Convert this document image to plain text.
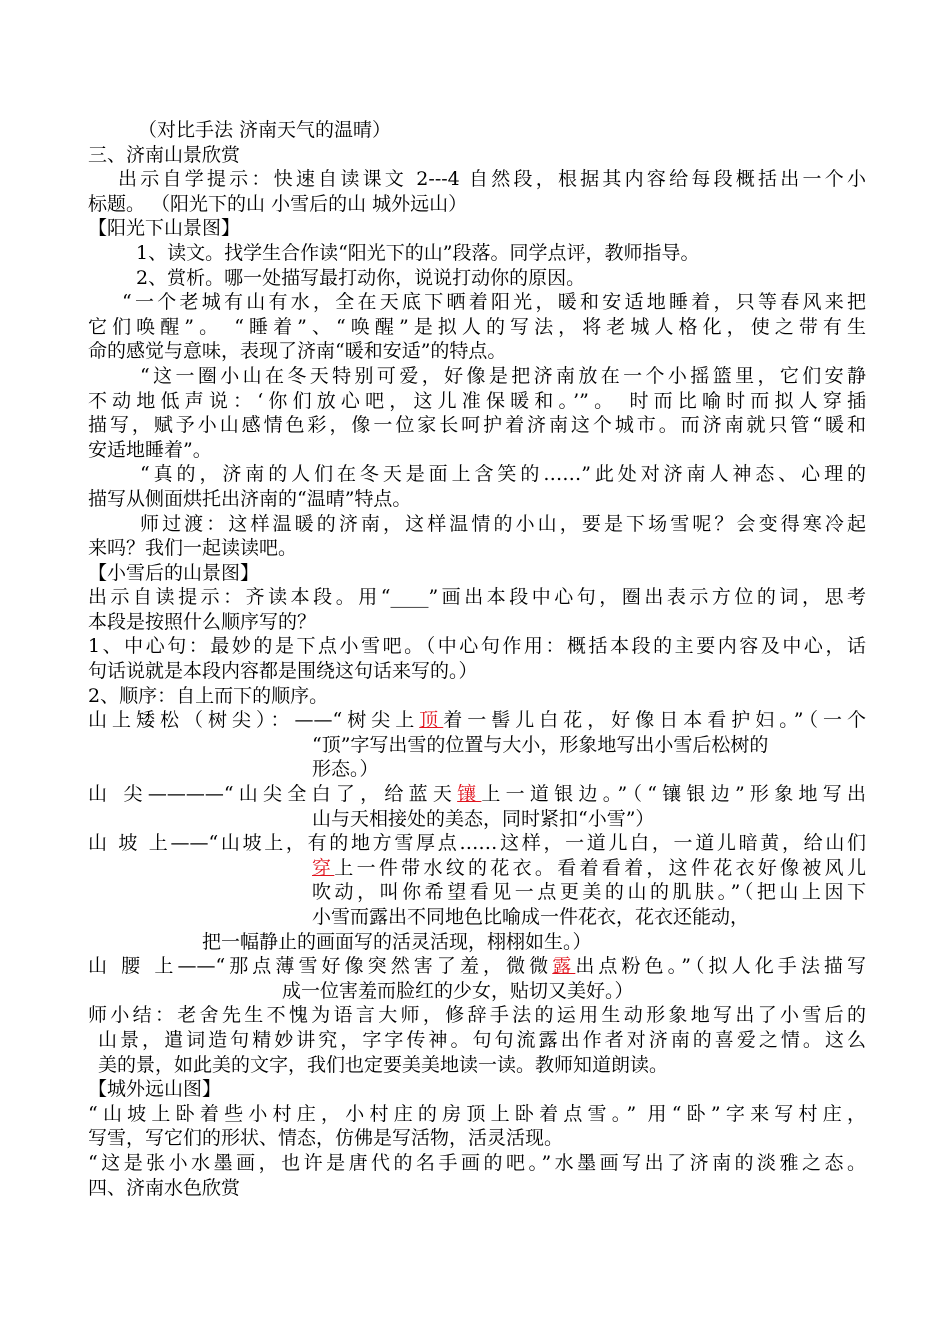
（对比手法 济南天气的温晴）
三、济南山景欣赏
出示自学提示：快速自读课文 2---4 自然段，根据其内容给每段概括出一个小
标题。 （阳光下的山 小雪后的山 城外远山）
【阳光下山景图】
1、读文。找学生合作读“阳光下的山”段落。同学点评，教师指导。
2、赏析。哪一处描写最打动你，说说打动你的原因。
“一个老城有山有水，全在天底下晒着阳光，暖和安适地睡着，只等春风来把
它们唤醒”。 “睡着”、“唤醒”是拟人的写法，将老城人格化，使之带有生
命的感觉与意味，表现了济南“暖和安适”的特点。
“这一圈小山在冬天特别可爱，好像是把济南放在一个小摇篮里，它们安静
不动地低声说：‘你们放心吧，这儿准保暖和。’”。 时而比喻时而拟人穿插
描写，赋予小山感情色彩，像一位家长呵护着济南这个城市。而济南就只管“暖和
安适地睡着”。
“真的，济南的人们在冬天是面上含笑的……”此处对济南人神态、心理的
描写从侧面烘托出济南的“温晴”特点。
师过渡：这样温暖的济南，这样温情的小山，要是下场雪呢？会变得寒冷起
来吗？我们一起读读吧。
【小雪后的山景图】
出示自读提示：齐读本段。用“____”画出本段中心句，圈出表示方位的词，思考
本段是按照什么顺序写的？
1、中心句：最妙的是下点小雪吧。（中心句作用：概括本段的主要内容及中心，话
句话说就是本段内容都是围绕这句话来写的。）
2、顺序：自上而下的顺序。
山上矮松（树尖）：——“树尖上顶着一髻儿白花，好像日本看护妇。”（一个
“顶”字写出雪的位置与大小，形象地写出小雪后松树的
形态。）
山 尖————“山尖全白了，给蓝天镶上一道银边。”（“镶银边”形象地写出
山与天相接处的美态，同时紧扣“小雪”）
山 坡 上——“山坡上，有的地方雪厚点……这样，一道儿白，一道儿暗黄，给山们
穿上一件带水纹的花衣。看着看着，这件花衣好像被风儿
吹动，叫你希望看见一点更美的山的肌肤。”（把山上因下
小雪而露出不同地色比喻成一件花衣，花衣还能动，
把一幅静止的画面写的活灵活现，栩栩如生。）
山 腰 上——“那点薄雪好像突然害了羞，微微露出点粉色。”（拟人化手法描写
成一位害羞而脸红的少女，贴切又美好。）
师小结：老舍先生不愧为语言大师，修辞手法的运用生动形象地写出了小雪后的
山景，遣词造句精妙讲究，字字传神。句句流露出作者对济南的喜爱之情。这么
美的景，如此美的文字，我们也定要美美地读一读。教师知道朗读。
【城外远山图】
“山坡上卧着些小村庄，小村庄的房顶上卧着点雪。” 用“卧”字来写村庄，
写雪，写它们的形状、情态，仿佛是写活物，活灵活现。
“这是张小水墨画，也许是唐代的名手画的吧。”水墨画写出了济南的淡雅之态。
四、济南水色欣赏
